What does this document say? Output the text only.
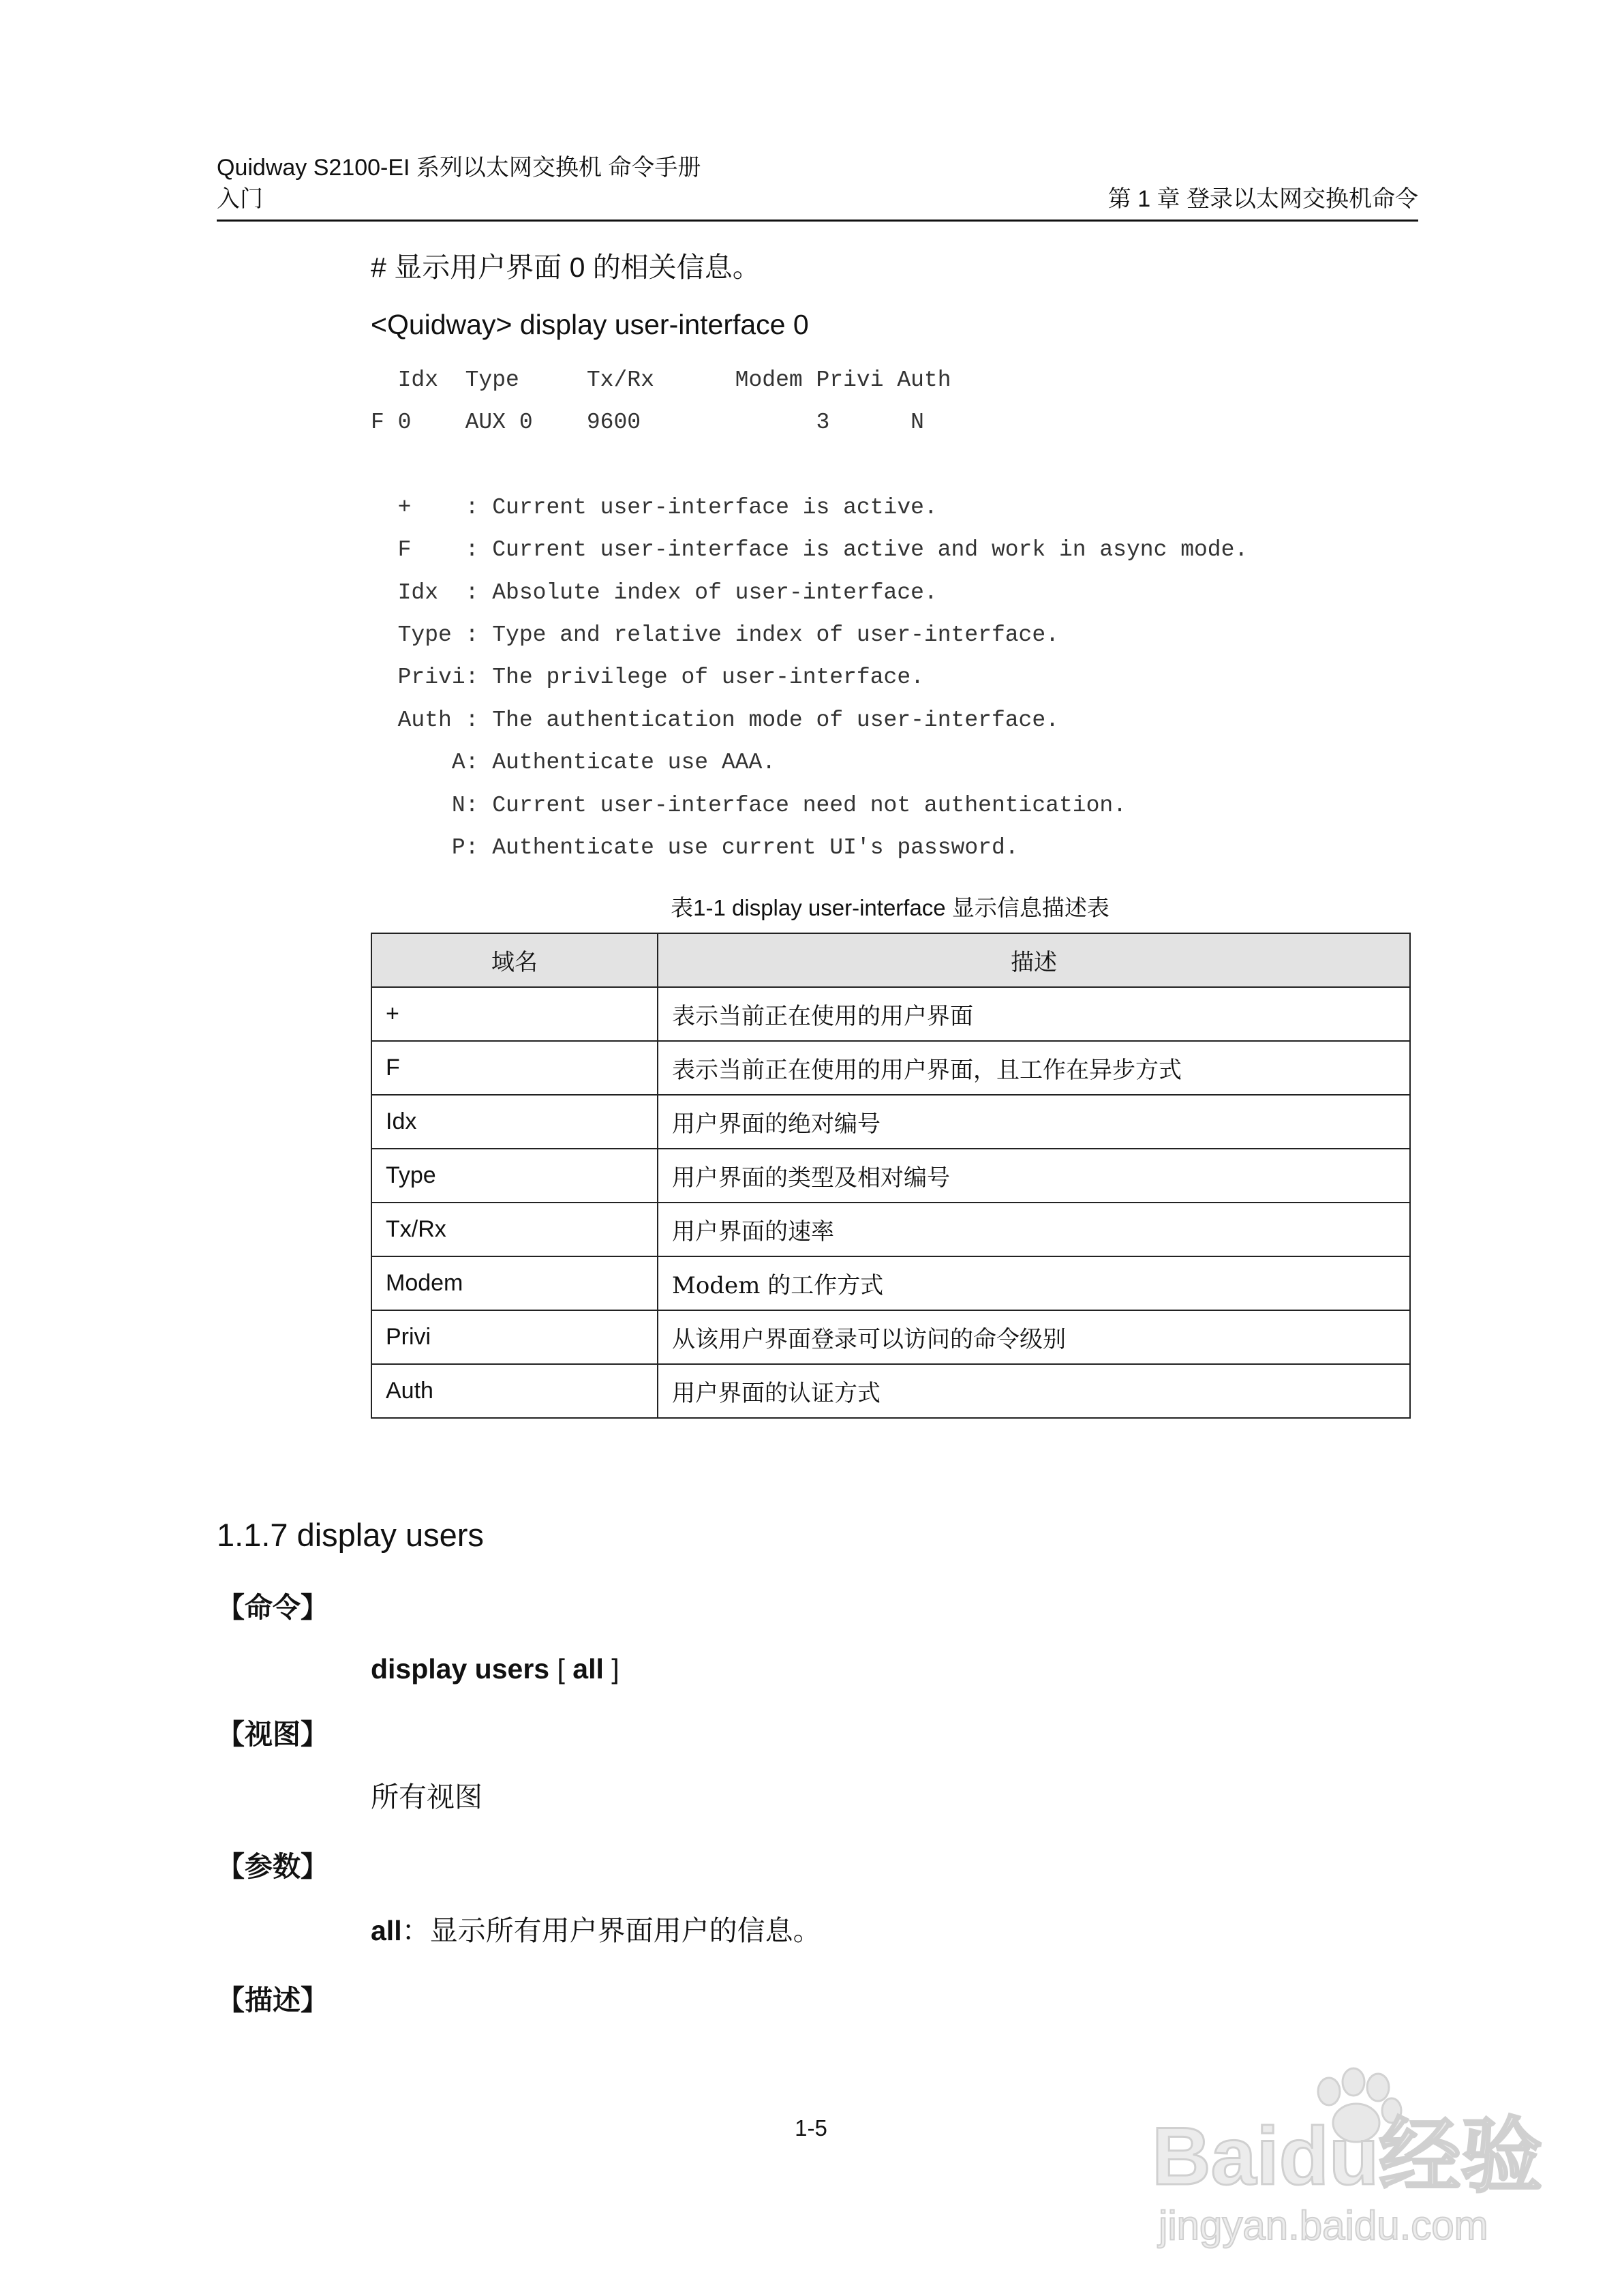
Quidway S2100-EI 系列以太网交换机 命令手册
入门	第 1 章 登录以太网交换机命令
# 显示用户界面 0 的相关信息。
<Quidway> display user-interface 0
Idx  Type     Tx/Rx      Modem Privi Auth
F 0    AUX 0    9600             3      N
+    : Current user-interface is active.
F    : Current user-interface is active and work in async mode.
Idx  : Absolute index of user-interface.
Type : Type and relative index of user-interface.
Privi: The privilege of user-interface.
Auth : The authentication mode of user-interface.
A: Authenticate use AAA.
N: Current user-interface need not authentication.
P: Authenticate use current UI's password.
表1-1 display user-interface 显示信息描述表
域名	描述
+	表示当前正在使用的用户界面
F	表示当前正在使用的用户界面，且工作在异步方式
Idx	用户界面的绝对编号
Type	用户界面的类型及相对编号
Tx/Rx	用户界面的速率
Modem	Modem 的工作方式
Privi	从该用户界面登录可以访问的命令级别
Auth	用户界面的认证方式
1.1.7 display users
【命令】
display users [ all ]
【视图】
所有视图
【参数】
all：显示所有用户界面用户的信息。
【描述】
1-5	Baidu经验
jingyan.baidu.com
